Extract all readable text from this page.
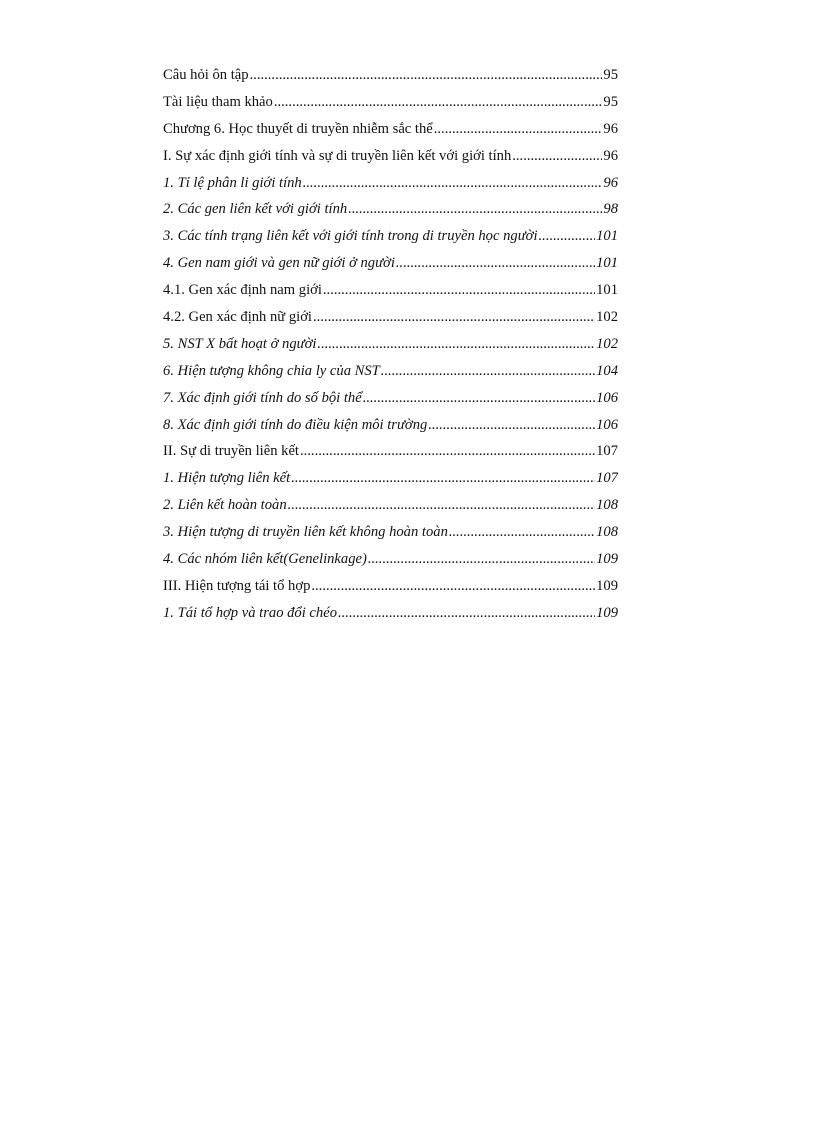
Câu hỏi ôn tập .....	95
Tài liệu tham khảo .....	95
Chương 6. Học thuyết di truyền nhiễm sắc thể .....	96
I. Sự xác định giới tính và sự di truyền liên kết với giới tính .....	96
1. Tỉ lệ phân li giới tính .....	96
2. Các gen liên kết với giới tính .....	98
3. Các tính trạng liên kết với giới tính trong di truyền học người .....	101
4. Gen nam giới và gen nữ giới ở người .....	101
4.1. Gen xác định nam giới .....	101
4.2. Gen xác định nữ giới .....	102
5. NST X bất hoạt ở người .....	102
6. Hiện tượng không chia ly của NST .....	104
7. Xác định giới tính do số bội thể .....	106
8. Xác định giới tính do điều kiện môi trường .....	106
II. Sự di truyền liên kết .....	107
1. Hiện tượng liên kết .....	107
2. Liên kết hoàn toàn .....	108
3. Hiện tượng di truyền liên kết không hoàn toàn .....	108
4. Các nhóm liên kết(Genelinkage) .....	109
III. Hiện tượng tái tổ hợp .....	109
1. Tái tổ hợp và trao đổi chéo .....	109
